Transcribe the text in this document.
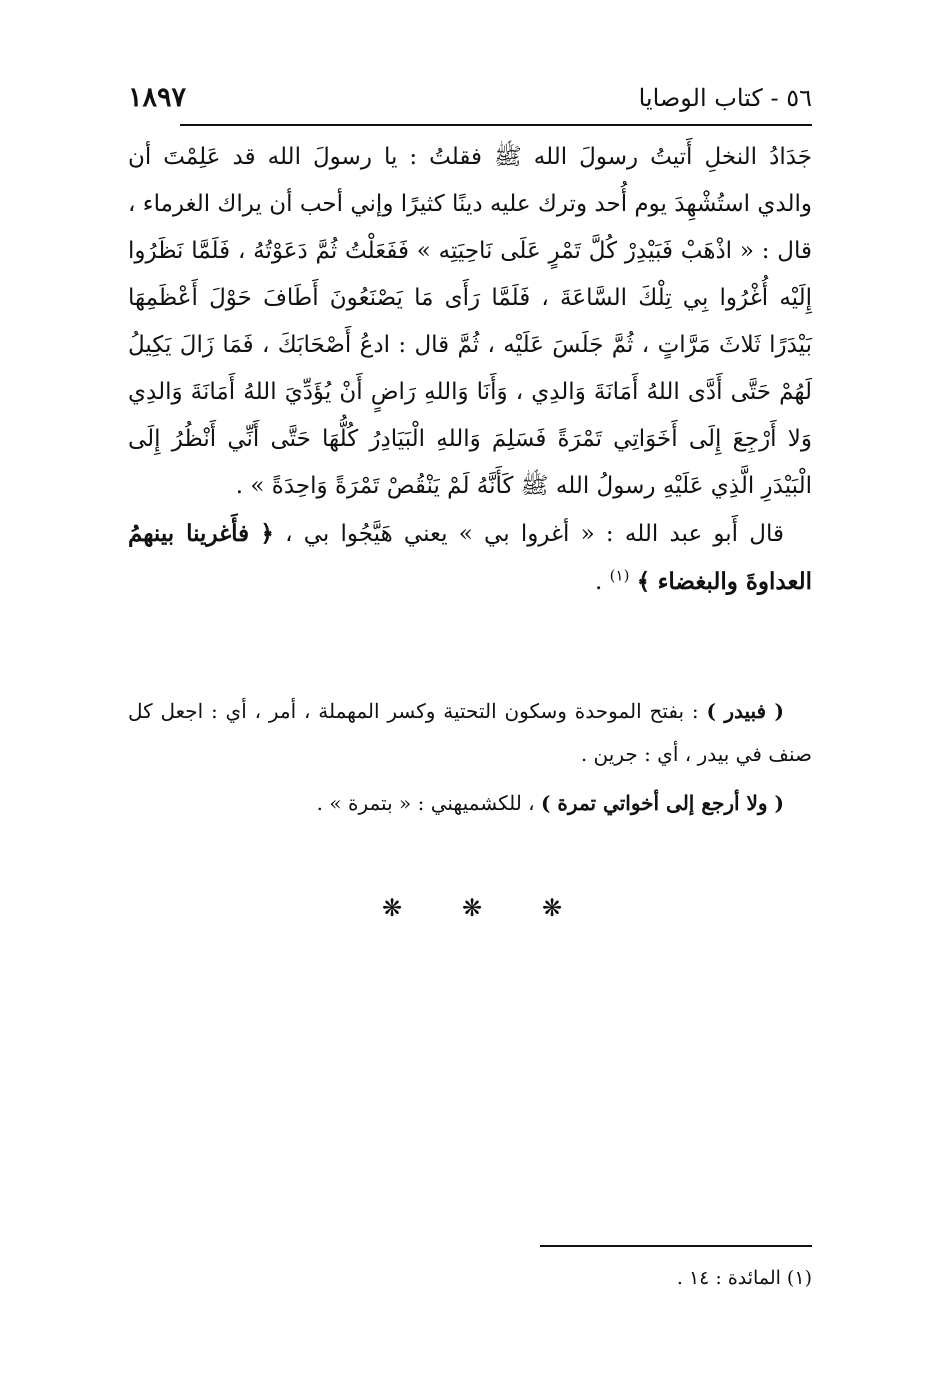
٥٦ - كتاب الوصايا
١٨٩٧

جَدَادُ النخلِ أَتيتُ رسولَ الله ﷺ فقلتُ : يا رسولَ الله قد عَلِمْتَ أن والدي استُشْهِدَ يوم أُحد وترك عليه دينًا كثيرًا وإني أحب أن يراك الغرماء ، قال : « اذْهَبْ فَبَيْدِرْ كُلَّ تَمْرٍ عَلَى نَاحِيَتِه » فَفَعَلْتُ ثُمَّ دَعَوْتُهُ ، فَلَمَّا نَظَرُوا إِلَيْه أُغْرُوا بِي تِلْكَ السَّاعَةَ ، فَلَمَّا رَأَى مَا يَصْنَعُونَ أَطَافَ حَوْلَ أَعْظَمِهَا بَيْدَرًا ثَلاثَ مَرَّاتٍ ، ثُمَّ جَلَسَ عَلَيْه ، ثُمَّ قال : ادعُ أَصْحَابَكَ ، فَمَا زَالَ يَكِيلُ لَهُمْ حَتَّى أَدَّى اللهُ أَمَانَةَ وَالدِي ، وَأَنَا وَاللهِ رَاضٍ أَنْ يُؤَدِّيَ اللهُ أَمَانَةَ وَالدِي وَلا أَرْجِعَ إِلَى أَخَوَاتِي تَمْرَةً فَسَلِمَ وَاللهِ الْبَيَادِرُ كُلُّهَا حَتَّى أَنِّي أَنْظُرُ إِلَى الْبَيْدَرِ الَّذِي عَلَيْهِ رسولُ الله ﷺ كَأَنَّهُ لَمْ يَنْقُصْ تَمْرَةً وَاحِدَةً » .

قال أَبو عبد الله : « أغروا بي » يعني هَيَّجُوا بي ، ﴿ فأَغرينا بينهمُ العداوةَ والبغضاء ﴾ $^{(١)}$ .

( فبيدر ) : بفتح الموحدة وسكون التحتية وكسر المهملة ، أمر ، أي : اجعل كل صنف في بيدر ، أي : جرين .

( ولا أرجع إلى أخواتي تمرة ) ، للكشميهني : « بتمرة » .

❋
❋
❋
(١) المائدة : ١٤ .
